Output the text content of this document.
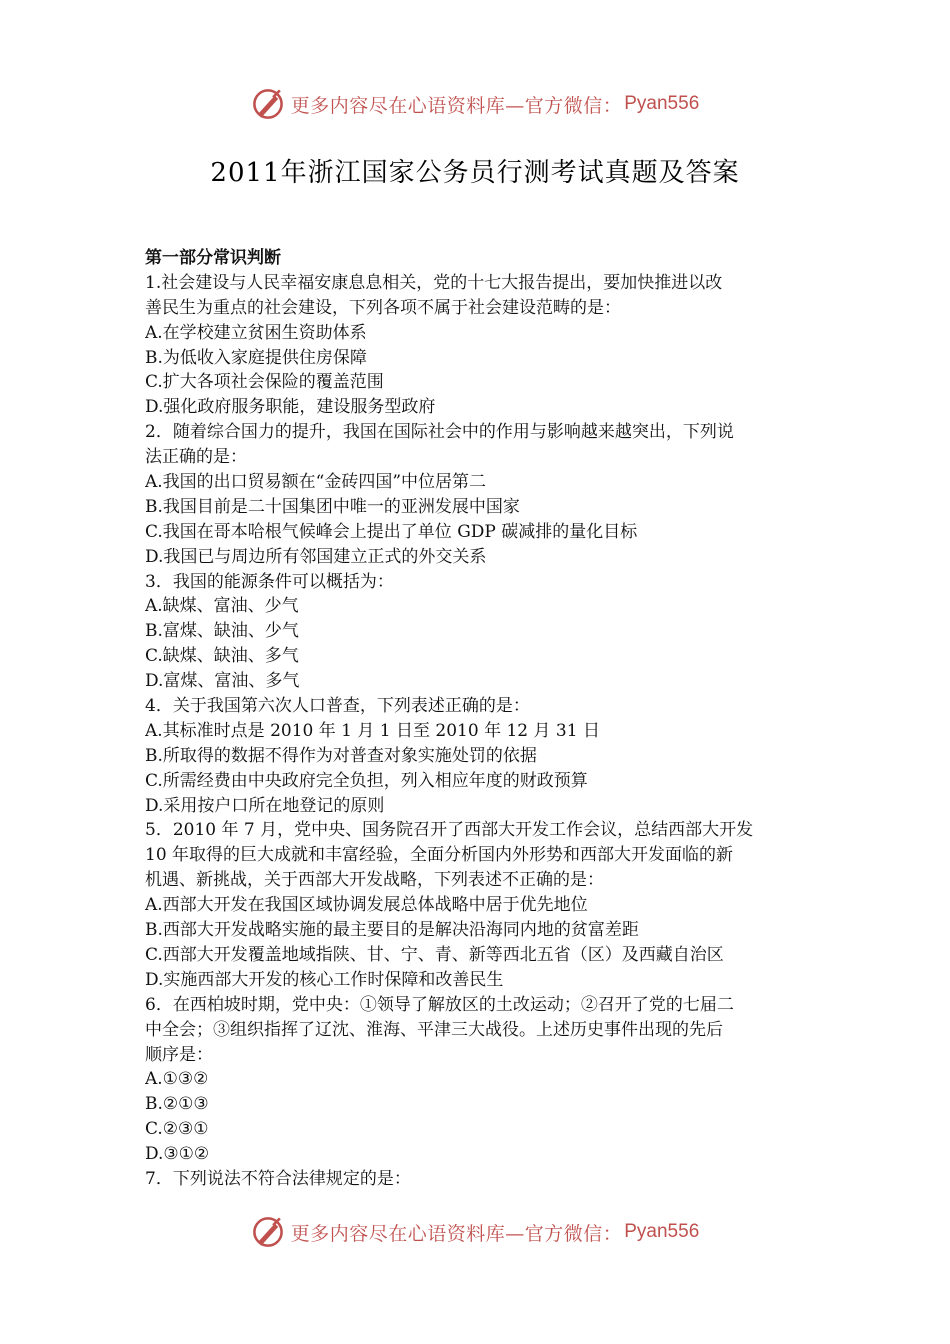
更多内容尽在心语资料库—官方微信： Pyan556
2011年浙江国家公务员行测考试真题及答案
第一部分常识判断
1.社会建设与人民幸福安康息息相关，党的十七大报告提出，要加快推进以改
善民生为重点的社会建设，下列各项不属于社会建设范畴的是：
A.在学校建立贫困生资助体系
B.为低收入家庭提供住房保障
C.扩大各项社会保险的覆盖范围
D.强化政府服务职能，建设服务型政府
2．随着综合国力的提升，我国在国际社会中的作用与影响越来越突出，下列说
法正确的是：
A.我国的出口贸易额在“金砖四国”中位居第二
B.我国目前是二十国集团中唯一的亚洲发展中国家
C.我国在哥本哈根气候峰会上提出了单位 GDP 碳减排的量化目标
D.我国已与周边所有邻国建立正式的外交关系
3．我国的能源条件可以概括为：
A.缺煤、富油、少气
B.富煤、缺油、少气
C.缺煤、缺油、多气
D.富煤、富油、多气
4．关于我国第六次人口普查，下列表述正确的是：
A.其标准时点是 2010 年 1 月 1 日至 2010 年 12 月 31 日
B.所取得的数据不得作为对普查对象实施处罚的依据
C.所需经费由中央政府完全负担，列入相应年度的财政预算
D.采用按户口所在地登记的原则
5．2010 年 7 月，党中央、国务院召开了西部大开发工作会议，总结西部大开发
10 年取得的巨大成就和丰富经验，全面分析国内外形势和西部大开发面临的新
机遇、新挑战，关于西部大开发战略，下列表述不正确的是：
A.西部大开发在我国区域协调发展总体战略中居于优先地位
B.西部大开发战略实施的最主要目的是解决沿海同内地的贫富差距
C.西部大开发覆盖地域指陕、甘、宁、青、新等西北五省（区）及西藏自治区
D.实施西部大开发的核心工作时保障和改善民生
6．在西柏坡时期，党中央：①领导了解放区的土改运动；②召开了党的七届二
中全会；③组织指挥了辽沈、淮海、平津三大战役。上述历史事件出现的先后
顺序是：
A.①③②
B.②①③
C.②③①
D.③①②
7．下列说法不符合法律规定的是：
更多内容尽在心语资料库—官方微信： Pyan556
